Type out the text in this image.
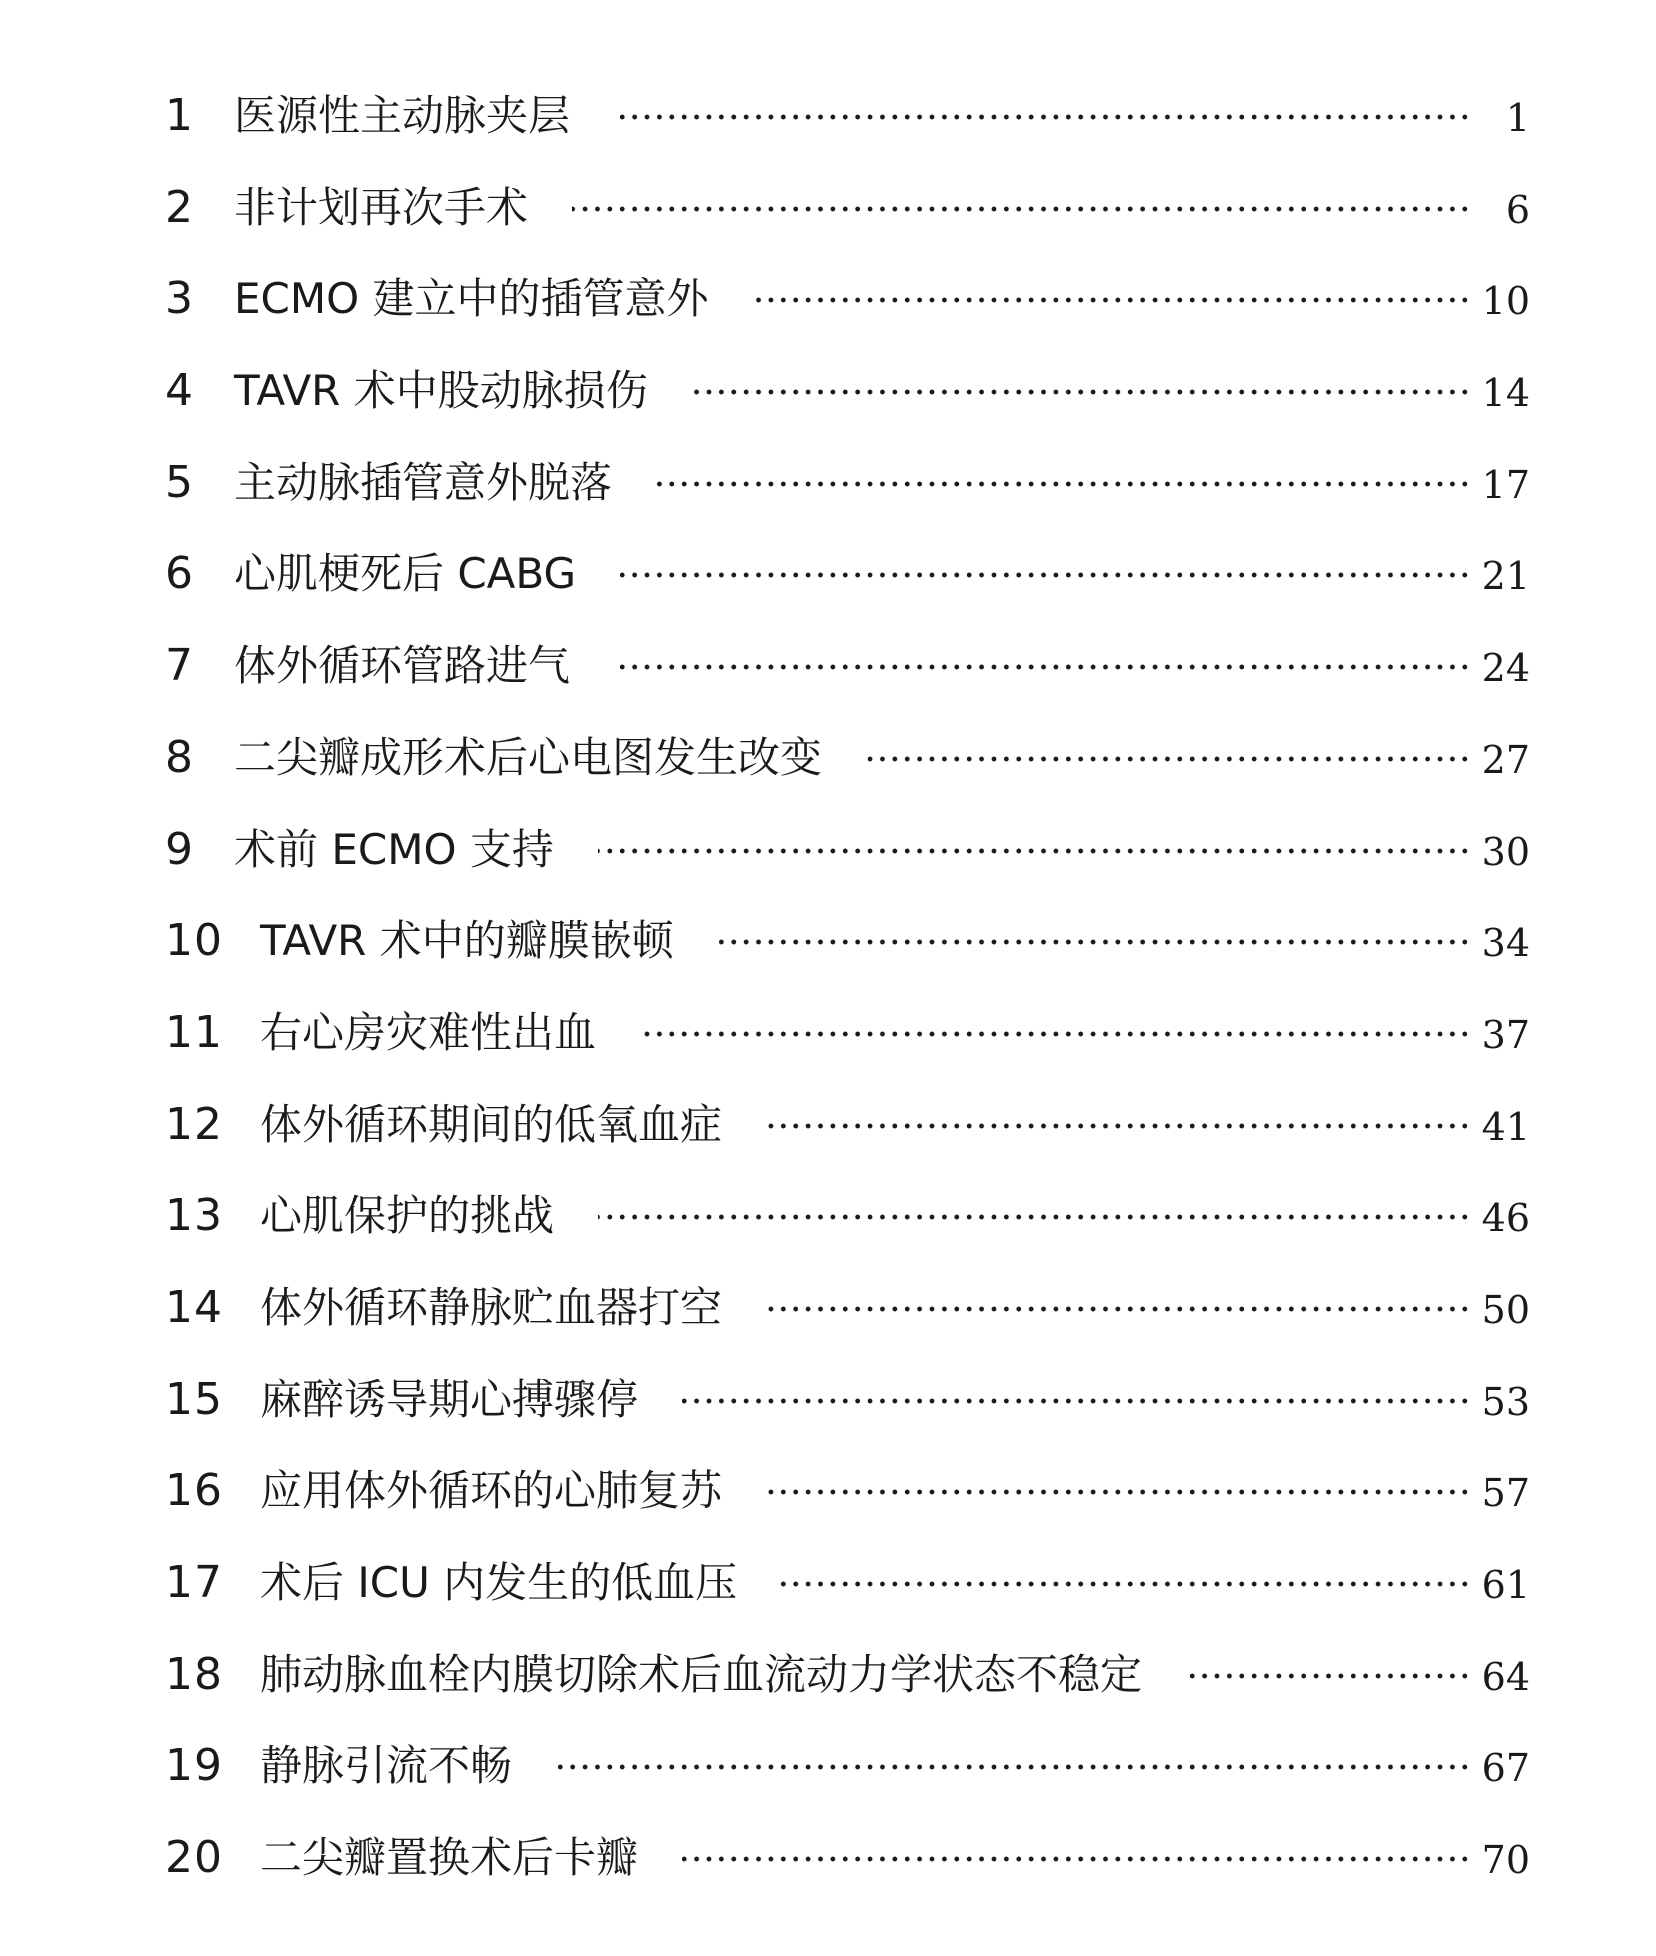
1 医源性主动脉夹层	1
2 非计划再次手术	6
3 ECMO 建立中的插管意外	10
4 TAVR 术中股动脉损伤	14
5 主动脉插管意外脱落	17
6 心肌梗死后 CABG	21
7 体外循环管路进气	24
8 二尖瓣成形术后心电图发生改变	27
9 术前 ECMO 支持	30
10 TAVR 术中的瓣膜嵌顿	34
11 右心房灾难性出血	37
12 体外循环期间的低氧血症	41
13 心肌保护的挑战	46
14 体外循环静脉贮血器打空	50
15 麻醉诱导期心搏骤停	53
16 应用体外循环的心肺复苏	57
17 术后 ICU 内发生的低血压	61
18 肺动脉血栓内膜切除术后血流动力学状态不稳定	64
19 静脉引流不畅	67
20 二尖瓣置换术后卡瓣	70
